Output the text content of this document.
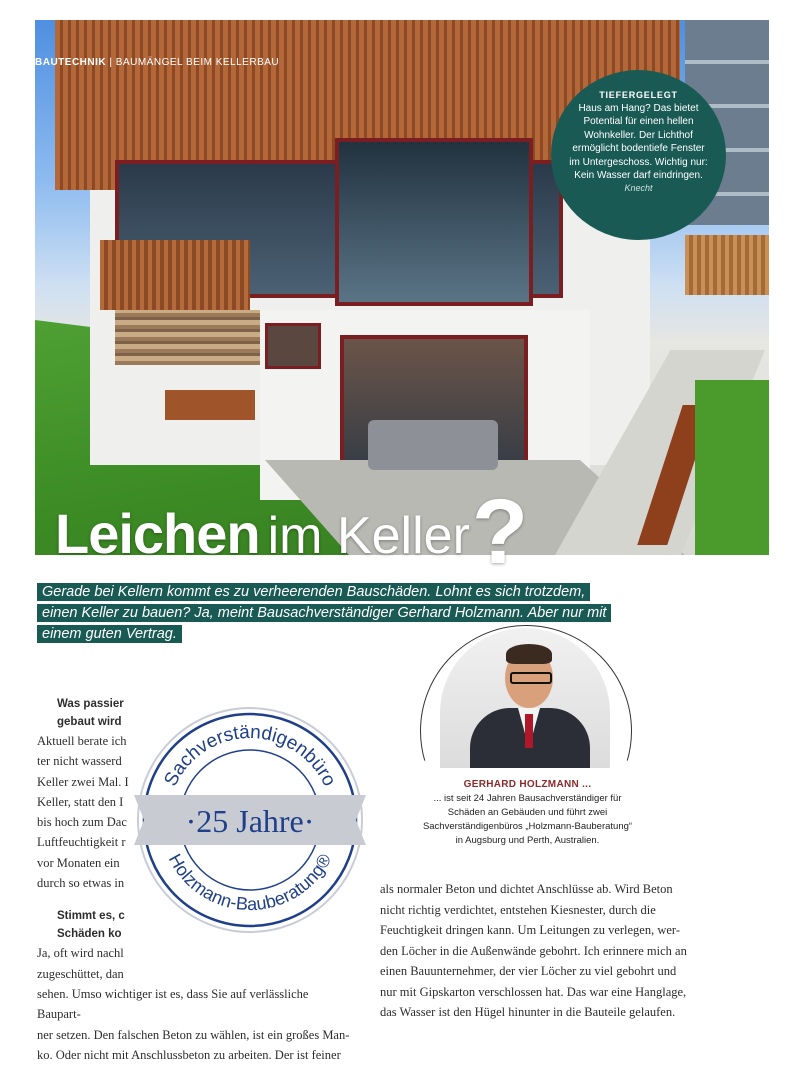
BAUTECHNIK | BAUMÄNGEL BEIM KELLERBAU
TIEFERGELEGT
Haus am Hang? Das bietet Potential für einen hellen Wohnkeller. Der Lichthof ermöglicht bodentiefe Fenster im Untergeschoss. Wichtig nur: Kein Wasser darf eindringen.
Knecht
Leichen im Keller?
Gerade bei Kellern kommt es zu verheerenden Bauschäden. Lohnt es sich trotzdem, einen Keller zu bauen? Ja, meint Bausachverständiger Gerhard Holzmann. Aber nur mit einem guten Vertrag.
GERHARD HOLZMANN ...
... ist seit 24 Jahren Bausachverständiger für Schäden an Gebäuden und führt zwei Sachverständigenbüros „Holzmann-Bauberatung“ in Augsburg und Perth, Australien.
Was passier
gebaut wird

Aktuell berate ich

ter nicht wasserd

Keller zwei Mal. I

Keller, statt den I

bis hoch zum Dac

Luftfeuchtigkeit r

vor Monaten ein

durch so etwas in

Stimmt es, c
Schäden ko

Ja, oft wird nachl

zugeschüttet, dan

sehen. Umso wichtiger ist es, dass Sie auf verlässliche Baupart-

ner setzen. Den falschen Beton zu wählen, ist ein großes Man-

ko. Oder nicht mit Anschlussbeton zu arbeiten. Der ist feiner

Sachverständigenbüro
·25 Jahre·
Holzmann-Bauberatung®

als normaler Beton und dichtet Anschlüsse ab. Wird Beton

nicht richtig verdichtet, entstehen Kiesnester, durch die

Feuchtigkeit dringen kann. Um Leitungen zu verlegen, wer-

den Löcher in die Außenwände gebohrt. Ich erinnere mich an

einen Bauunternehmer, der vier Löcher zu viel gebohrt und

nur mit Gipskarton verschlossen hat. Das war eine Hanglage,

das Wasser ist den Hügel hinunter in die Bauteile gelaufen.
